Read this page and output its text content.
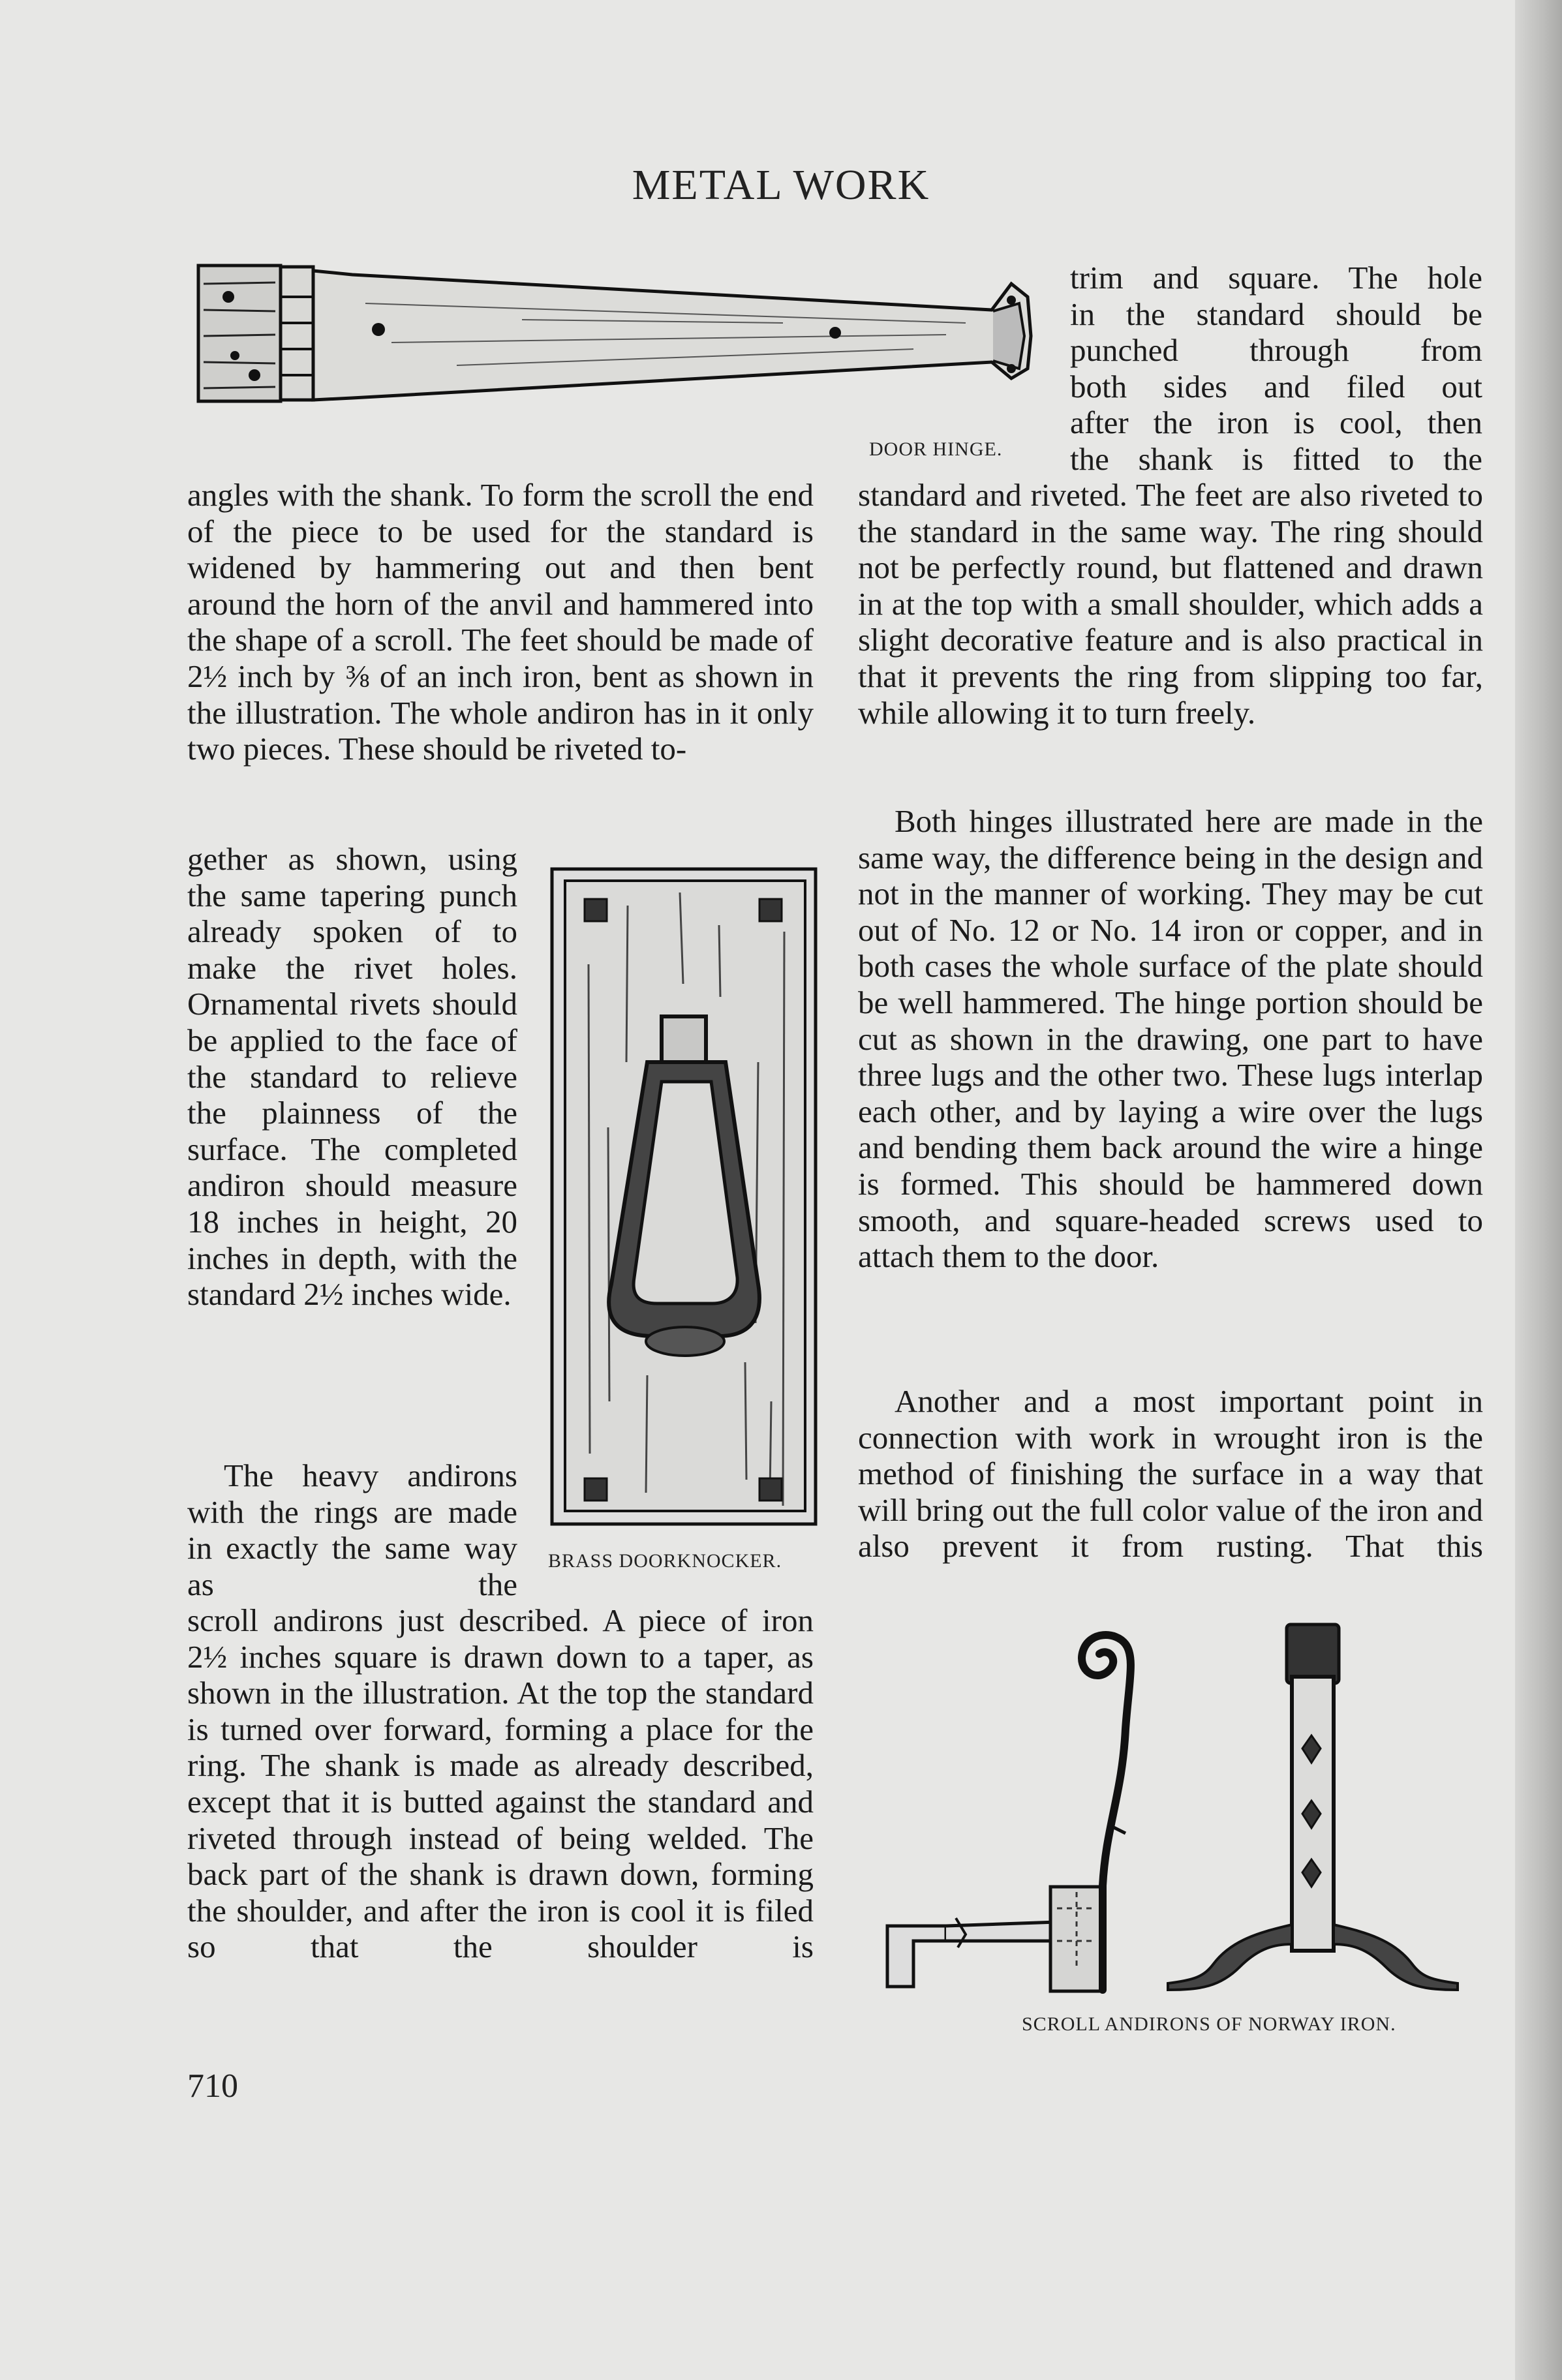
METAL WORK
DOOR HINGE.

trim and square. The hole

in the standard should be

punched through from

both sides and filed out

after the iron is cool, then

the shank is fitted to the

angles with the shank. To form the scroll the end of the piece to be used for the standard is widened by hammering out and then bent around the horn of the anvil and hammered into the shape of a scroll. The feet should be made of 2½ inch by ⅜ of an inch iron, bent as shown in the illustration. The whole andiron has in it only two pieces. These should be riveted to-

gether as shown, using the same tapering punch already spoken of to make the rivet holes. Ornamental rivets should be applied to the face of the standard to relieve the plainness of the surface. The completed andiron should measure 18 inches in height, 20 inches in depth, with the standard 2½ inches wide.

The heavy andirons with the rings are made in exactly the same way as the

scroll andirons just described. A piece of iron 2½ inches square is drawn down to a taper, as shown in the illustration. At the top the standard is turned over forward, forming a place for the ring. The shank is made as already described, except that it is butted against the standard and riveted through instead of being welded. The back part of the shank is drawn down, forming the shoulder, and after the iron is cool it is filed so that the shoulder is

BRASS DOORKNOCKER.

standard and riveted. The feet are also riveted to the standard in the same way. The ring should not be perfectly round, but flattened and drawn in at the top with a small shoulder, which adds a slight decorative feature and is also practical in that it prevents the ring from slipping too far, while allowing it to turn freely.

Both hinges illustrated here are made in the same way, the difference being in the design and not in the manner of working. They may be cut out of No. 12 or No. 14 iron or copper, and in both cases the whole surface of the plate should be well hammered. The hinge portion should be cut as shown in the drawing, one part to have three lugs and the other two. These lugs interlap each other, and by laying a wire over the lugs and bending them back around the wire a hinge is formed. This should be hammered down smooth, and square-headed screws used to attach them to the door.

Another and a most important point in connection with work in wrought iron is the method of finishing the surface in a way that will bring out the full color value of the iron and also prevent it from rusting. That this

SCROLL ANDIRONS OF NORWAY IRON.
710
